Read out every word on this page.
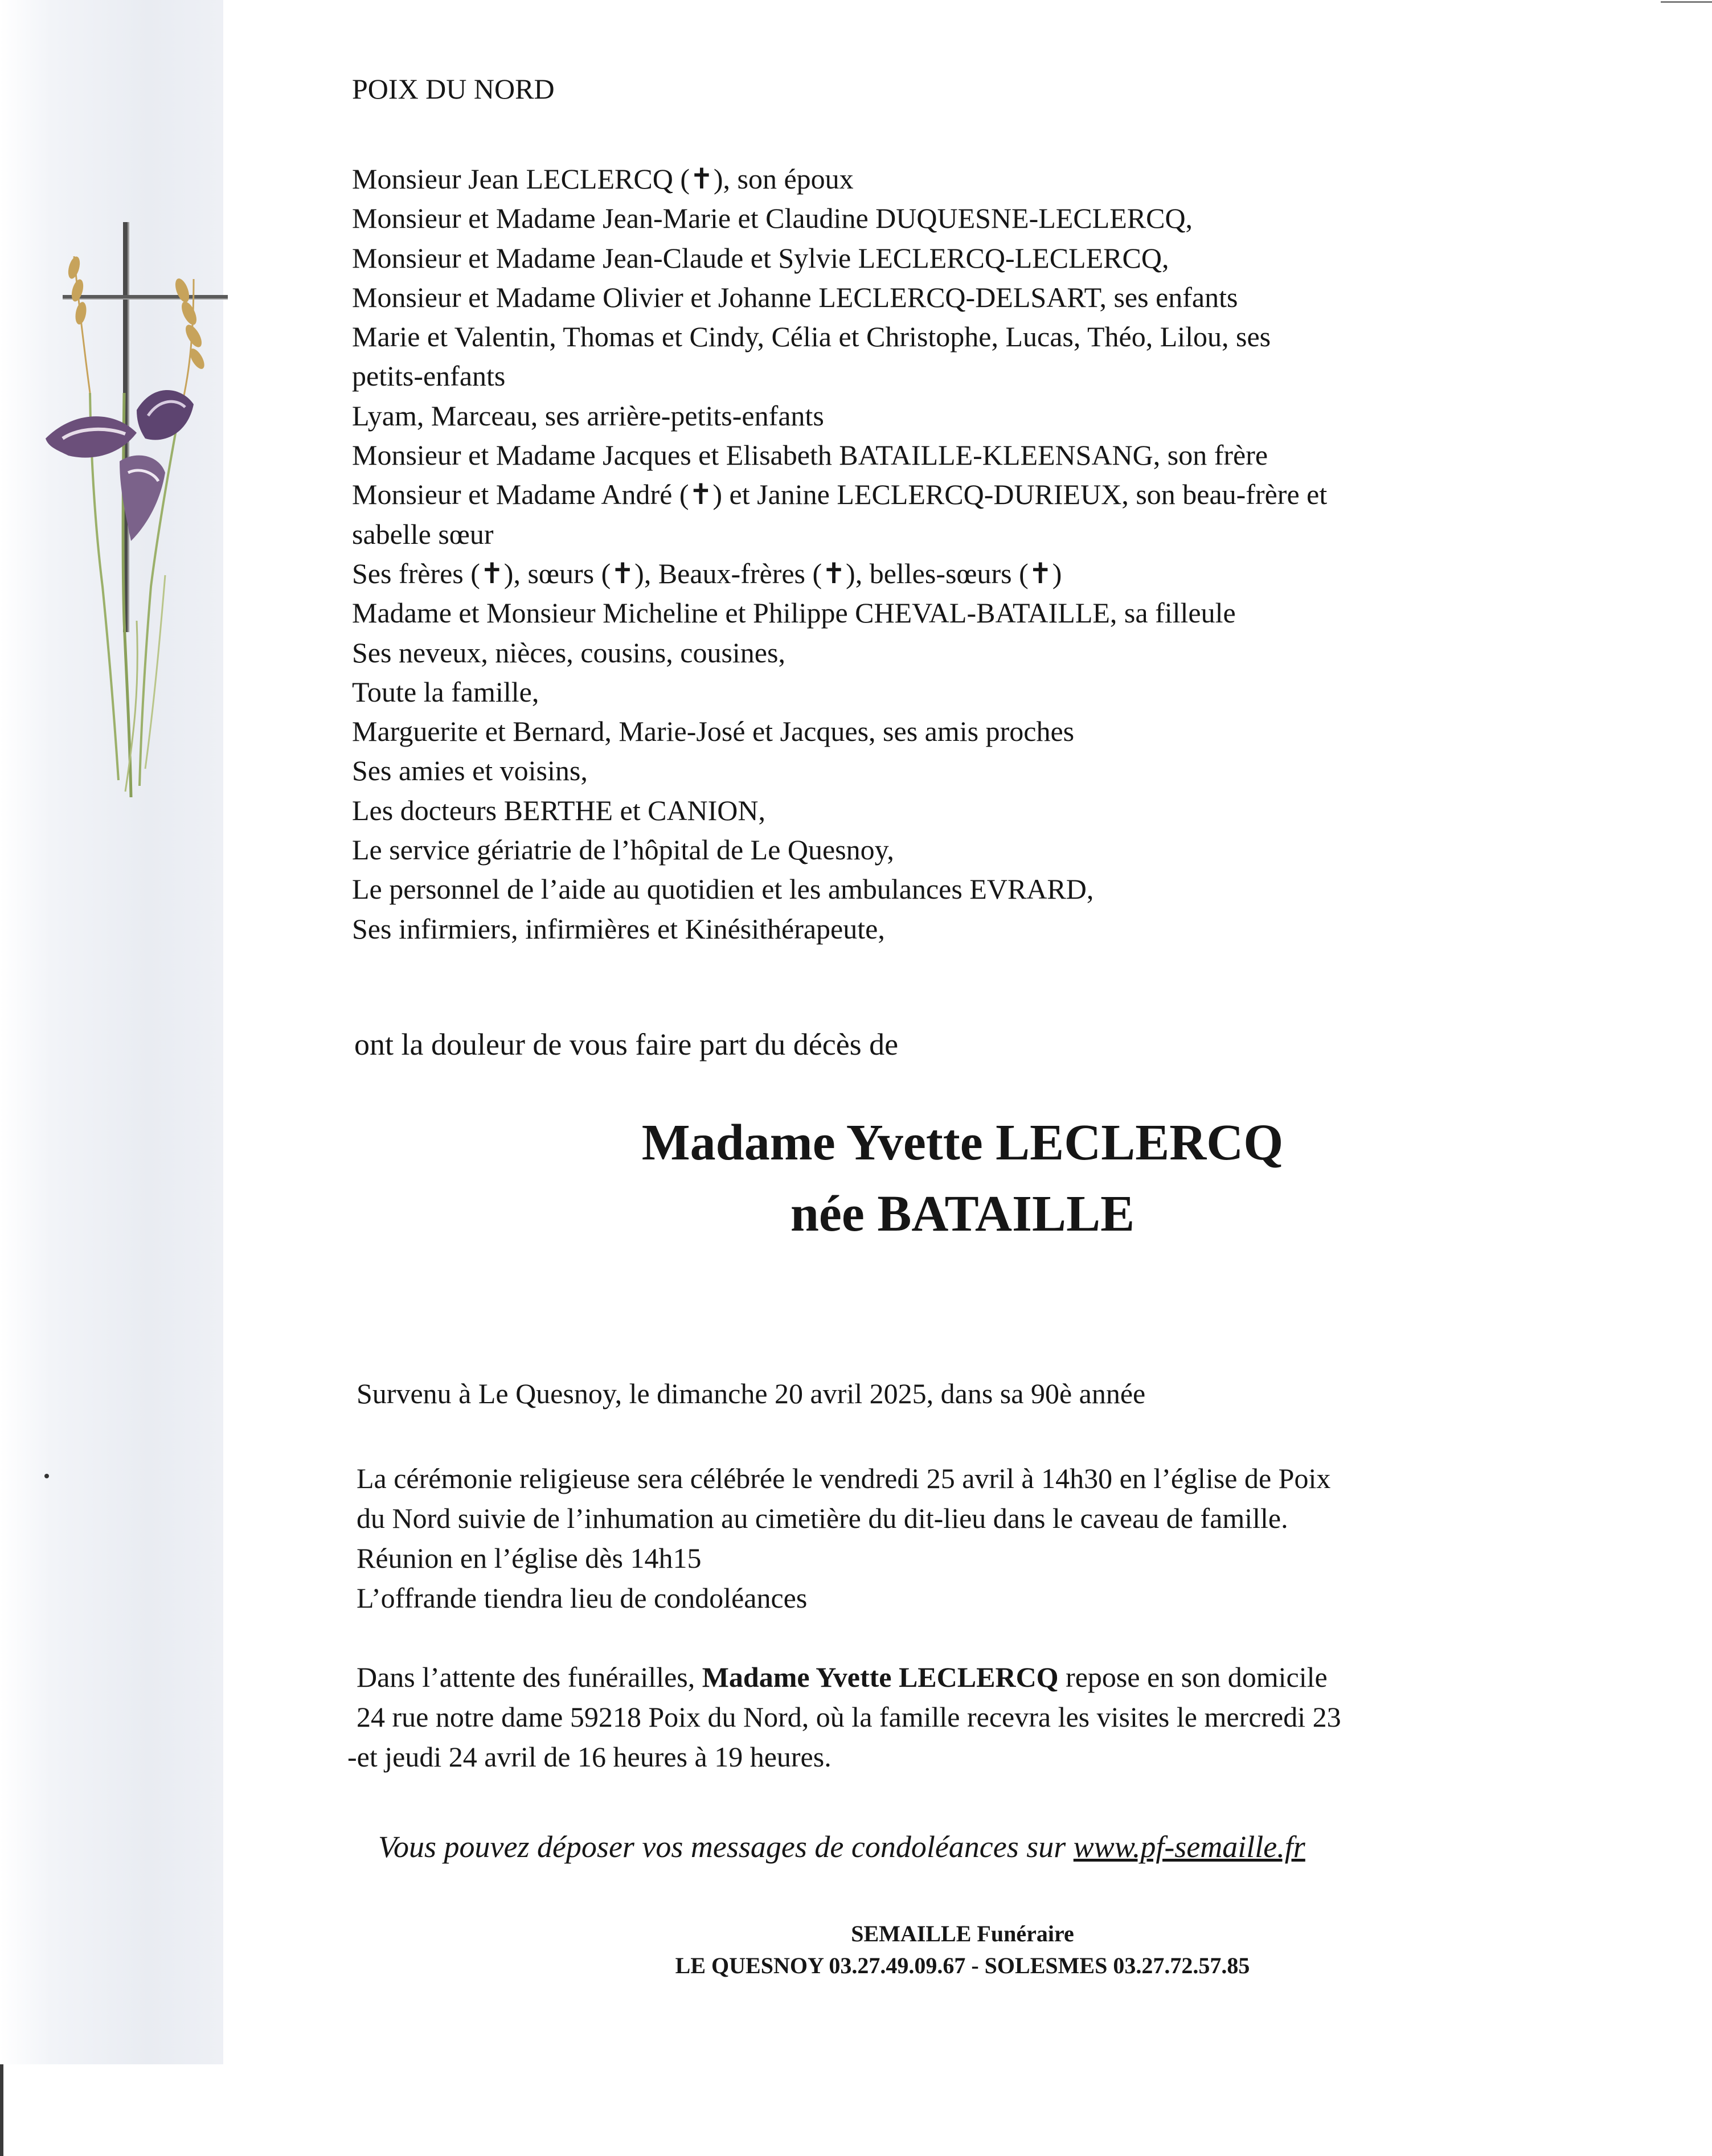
POIX DU NORD
Monsieur Jean LECLERCQ (✝), son époux
Monsieur et Madame Jean-Marie et Claudine DUQUESNE-LECLERCQ,
Monsieur et Madame Jean-Claude et Sylvie LECLERCQ-LECLERCQ,
Monsieur et Madame Olivier et Johanne LECLERCQ-DELSART, ses enfants
Marie et Valentin, Thomas et Cindy, Célia et Christophe, Lucas, Théo, Lilou, ses
petits-enfants
Lyam, Marceau, ses arrière-petits-enfants
Monsieur et Madame Jacques et Elisabeth BATAILLE-KLEENSANG, son frère
Monsieur et Madame André (✝) et Janine LECLERCQ-DURIEUX, son beau-frère et
sabelle sœur
Ses frères (✝), sœurs (✝), Beaux-frères (✝), belles-sœurs (✝)
Madame et Monsieur Micheline et Philippe CHEVAL-BATAILLE, sa filleule
Ses neveux, nièces, cousins, cousines,
Toute la famille,
Marguerite et Bernard, Marie-José et Jacques, ses amis proches
Ses amies et voisins,
Les docteurs BERTHE et CANION,
Le service gériatrie de l’hôpital de Le Quesnoy,
Le personnel de l’aide au quotidien et les ambulances EVRARD,
Ses infirmiers, infirmières et Kinésithérapeute,
ont la douleur de vous faire part du décès de
Madame Yvette LECLERCQ
née BATAILLE
Survenu à Le Quesnoy, le dimanche 20 avril 2025, dans sa 90è année
La cérémonie religieuse sera célébrée le vendredi 25 avril à 14h30 en l’église de Poix
du Nord suivie de l’inhumation au cimetière du dit-lieu dans le caveau de famille.
Réunion en l’église dès 14h15
L’offrande tiendra lieu de condoléances
Dans l’attente des funérailles, Madame Yvette LECLERCQ repose en son domicile
24 rue notre dame 59218 Poix du Nord, où la famille recevra les visites le mercredi 23
-et jeudi 24 avril de 16 heures à 19 heures.
Vous pouvez déposer vos messages de condoléances sur www.pf-semaille.fr
SEMAILLE Funéraire
LE QUESNOY 03.27.49.09.67 - SOLESMES 03.27.72.57.85
